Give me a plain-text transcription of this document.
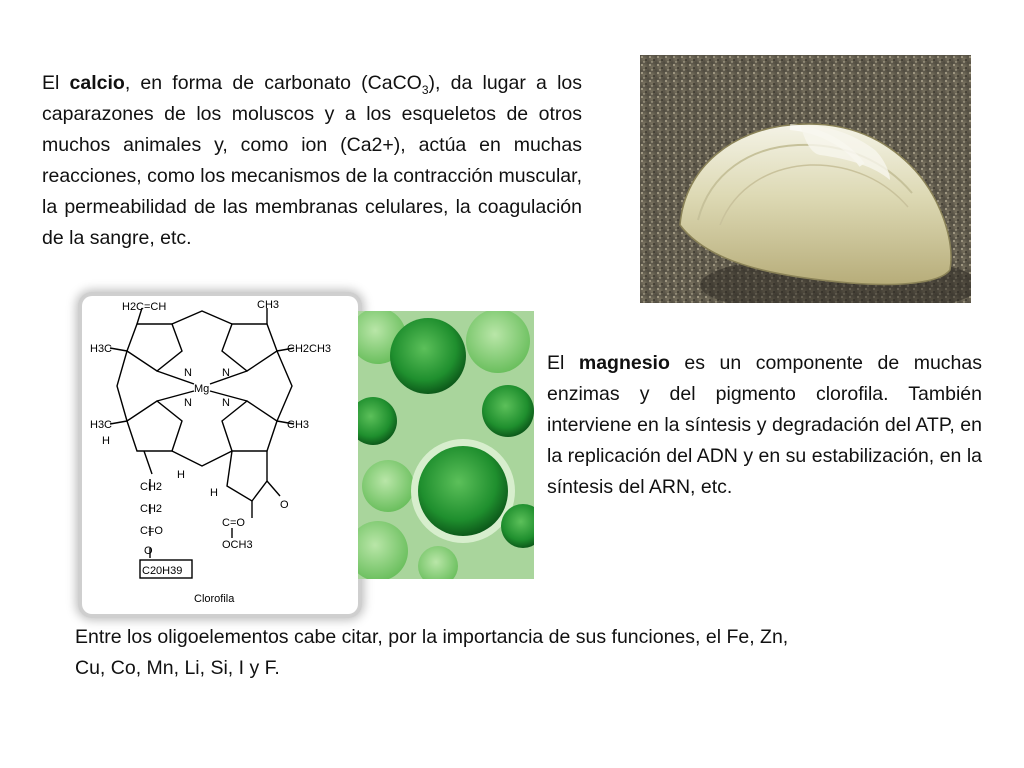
El calcio, en forma de carbonato (CaCO$_3$), da lugar a los caparazones de los moluscos y a los esqueletos de otros muchos animales y, como ion (Ca2+), actúa en muchas reacciones, como los mecanismos de la contracción muscular, la permeabilidad de las membranas celulares, la coagulación de la sangre, etc.
H2C=CH	CH3
H3C	CH2CH3
N	N
N	N
Mg
H3C
H
CH3
H
CH2
CH2
C=O
O
C20H39
H
O
C=O
OCH3
Clorofila
El magnesio es un componente de muchas enzimas y del pigmento clorofila. También interviene en la síntesis y degradación del ATP, en la replicación del ADN y en su estabilización, en la síntesis del ARN, etc.
Entre los oligoelementos cabe citar, por la importancia de sus funciones, el Fe, Zn,
Cu, Co, Mn, Li, Si, I y F.
